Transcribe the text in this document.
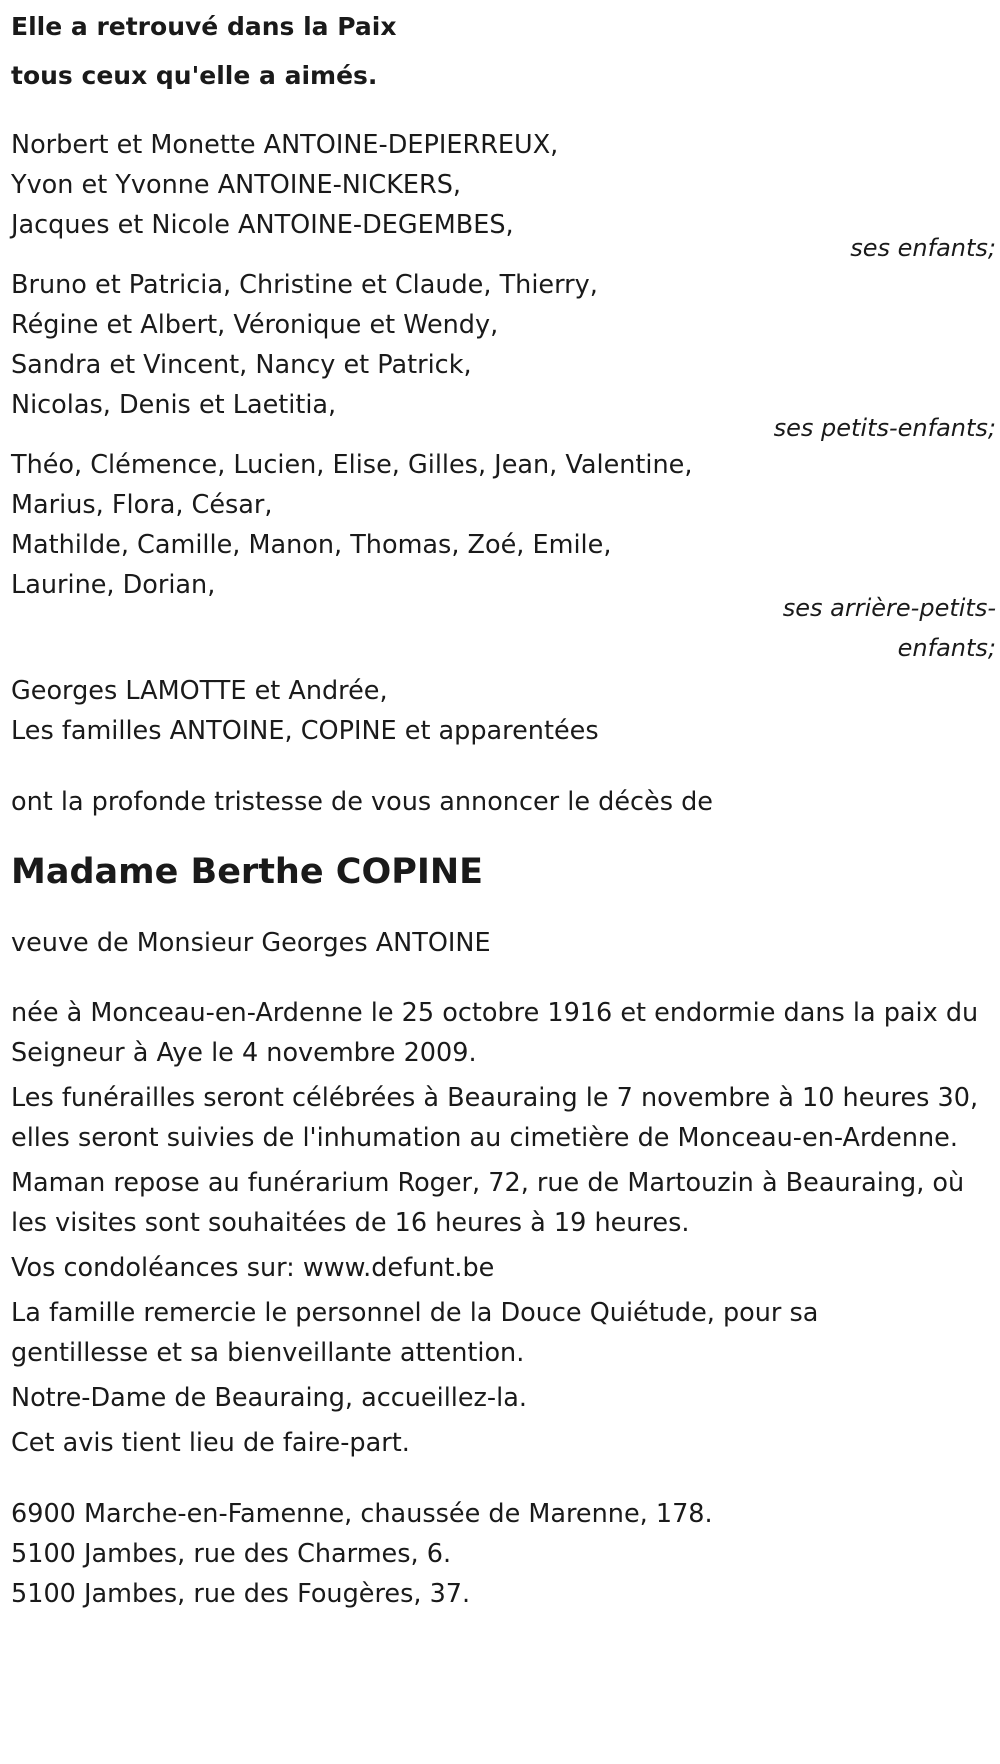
Elle a retrouvé dans la Paix
tous ceux qu'elle a aimés.
Norbert et Monette ANTOINE-DEPIERREUX,
Yvon et Yvonne ANTOINE-NICKERS,
Jacques et Nicole ANTOINE-DEGEMBES,
ses enfants;
Bruno et Patricia, Christine et Claude, Thierry,
Régine et Albert, Véronique et Wendy,
Sandra et Vincent, Nancy et Patrick,
Nicolas, Denis et Laetitia,
ses petits-enfants;
Théo, Clémence, Lucien, Elise, Gilles, Jean, Valentine,
Marius, Flora, César,
Mathilde, Camille, Manon, Thomas, Zoé, Emile,
Laurine, Dorian,
ses arrière-petits-
enfants;
Georges LAMOTTE et Andrée,
Les familles ANTOINE, COPINE et apparentées
ont la profonde tristesse de vous annoncer le décès de
Madame Berthe COPINE
veuve de Monsieur Georges ANTOINE
née à Monceau-en-Ardenne le 25 octobre 1916 et endormie dans la paix du Seigneur à Aye le 4 novembre 2009.
Les funérailles seront célébrées à Beauraing le 7 novembre à 10 heures 30, elles seront suivies de l'inhumation au cimetière de Monceau-en-Ardenne.
Maman repose au funérarium Roger, 72, rue de Martouzin à Beauraing, où les visites sont souhaitées de 16 heures à 19 heures.
Vos condoléances sur: www.defunt.be
La famille remercie le personnel de la Douce Quiétude, pour sa gentillesse et sa bienveillante attention.
Notre-Dame de Beauraing, accueillez-la.
Cet avis tient lieu de faire-part.
6900 Marche-en-Famenne, chaussée de Marenne, 178.
5100 Jambes, rue des Charmes, 6.
5100 Jambes, rue des Fougères, 37.
